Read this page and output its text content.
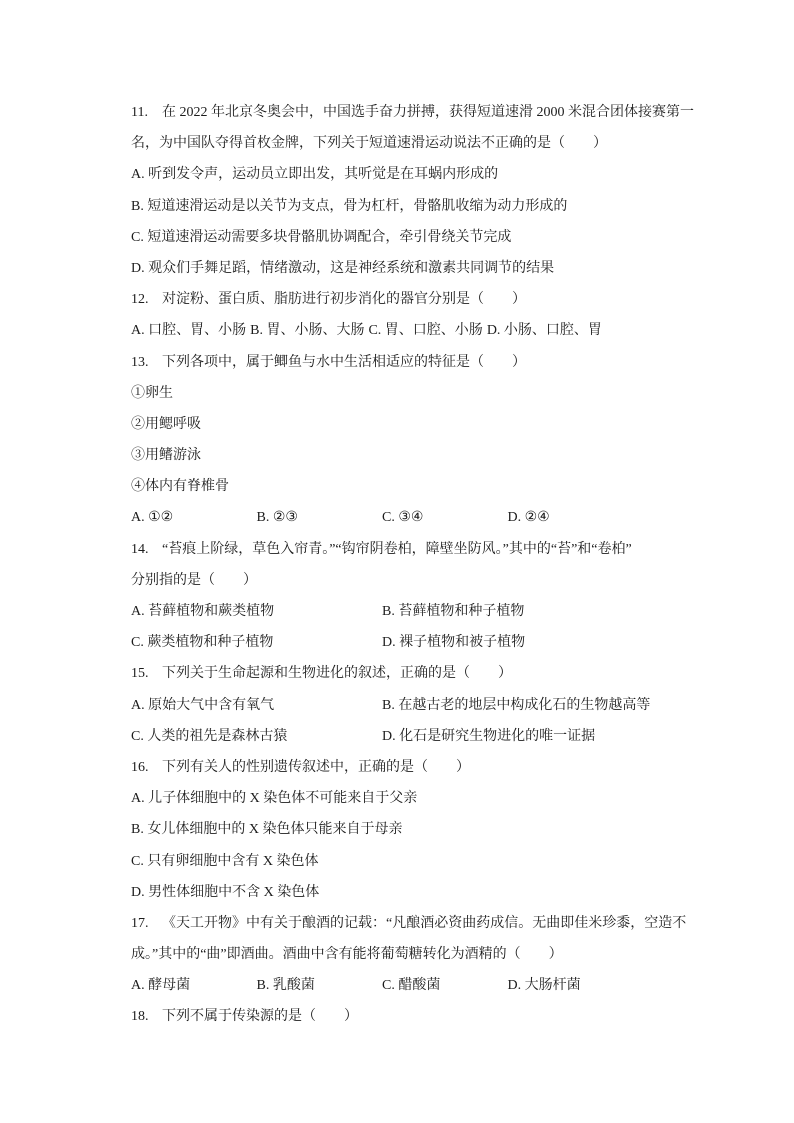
11. 在 2022 年北京冬奥会中，中国选手奋力拼搏，获得短道速滑 2000 米混合团体接赛第一
名，为中国队夺得首枚金牌，下列关于短道速滑运动说法不正确的是（　　）
A. 听到发令声，运动员立即出发，其听觉是在耳蜗内形成的
B. 短道速滑运动是以关节为支点，骨为杠杆，骨骼肌收缩为动力形成的
C. 短道速滑运动需要多块骨骼肌协调配合，牵引骨绕关节完成
D. 观众们手舞足蹈，情绪激动，这是神经系统和激素共同调节的结果
12. 对淀粉、蛋白质、脂肪进行初步消化的器官分别是（　　）
A. 口腔、胃、小肠 B. 胃、小肠、大肠 C. 胃、口腔、小肠 D. 小肠、口腔、胃
13. 下列各项中，属于鲫鱼与水中生活相适应的特征是（　　）
①卵生
②用鳃呼吸
③用鳍游泳
④体内有脊椎骨
A. ①②	B. ②③	C. ③④	D. ②④
14. “苔痕上阶绿，草色入帘青。”“钩帘阴卷柏，障壁坐防风。”其中的“苔”和“卷柏”
分别指的是（　　）
A. 苔藓植物和蕨类植物	B. 苔藓植物和种子植物
C. 蕨类植物和种子植物	D. 裸子植物和被子植物
15. 下列关于生命起源和生物进化的叙述，正确的是（　　）
A. 原始大气中含有氧气	B. 在越古老的地层中构成化石的生物越高等
C. 人类的祖先是森林古猿	D. 化石是研究生物进化的唯一证据
16. 下列有关人的性别遗传叙述中，正确的是（　　）
A. 儿子体细胞中的 X 染色体不可能来自于父亲
B. 女儿体细胞中的 X 染色体只能来自于母亲
C. 只有卵细胞中含有 X 染色体
D. 男性体细胞中不含 X 染色体
17. 《天工开物》中有关于酿酒的记载：“凡酿酒必资曲药成信。无曲即佳米珍黍，空造不
成。”其中的“曲”即酒曲。酒曲中含有能将葡萄糖转化为酒精的（　　）
A. 酵母菌	B. 乳酸菌	C. 醋酸菌	D. 大肠杆菌
18. 下列不属于传染源的是（　　）
